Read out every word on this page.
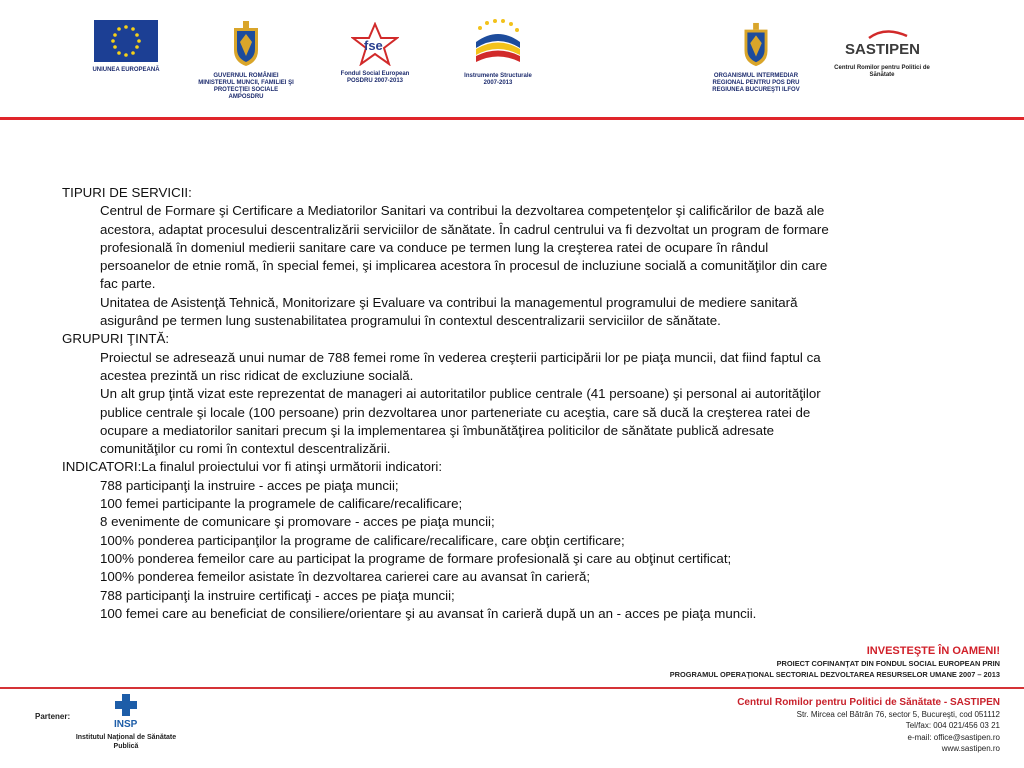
UNIUNEA EUROPEANĂ
GUVERNUL ROMÂNIEI MINISTERUL MUNCII, FAMILIEI ŞI PROTECŢIEI SOCIALE AMPOSDRU
fse
Fondul Social European POSDRU 2007-2013
Instrumente Structurale 2007-2013
ORGANISMUL INTERMEDIAR REGIONAL PENTRU POS DRU REGIUNEA BUCUREŞTI ILFOV
SASTIPEN
Centrul Romilor pentru Politici de Sănătate
TIPURI DE SERVICII:
Centrul de Formare şi Certificare a Mediatorilor Sanitari va contribui la dezvoltarea competenţelor şi calificărilor de bază ale
acestora, adaptat procesului descentralizării serviciilor de sănătate. În cadrul centrului va fi dezvoltat un program de formare
profesională în domeniul medierii sanitare care va conduce pe termen lung la creşterea ratei de ocupare în rândul
persoanelor de etnie romă, în special femei, şi implicarea acestora în procesul de incluziune socială a comunităţilor din care
fac parte.
Unitatea de Asistenţă Tehnică, Monitorizare şi Evaluare va contribui la managementul programului de mediere sanitară
asigurând pe termen lung sustenabilitatea programului în contextul descentralizarii serviciilor de sănătate.
GRUPURI ŢINTĂ:
Proiectul se adresează unui numar de 788 femei rome în vederea creşterii participării lor pe piaţa muncii, dat fiind faptul ca
acestea prezintă un risc ridicat de excluziune socială.
Un alt grup ţintă vizat este reprezentat de manageri ai autoritatilor publice centrale (41 persoane) şi personal ai autorităţilor
publice centrale şi locale (100 persoane) prin dezvoltarea unor parteneriate cu aceştia, care să ducă la creşterea ratei de
ocupare a mediatorilor sanitari precum şi la implementarea şi îmbunătăţirea politicilor de sănătate publică adresate
comunităţilor cu romi în contextul descentralizării.
INDICATORI:La finalul proiectului vor fi atinşi următorii indicatori:
788 participanţi la instruire - acces pe piaţa muncii;
100 femei participante la programele de calificare/recalificare;
8 evenimente de comunicare şi promovare - acces pe piaţa muncii;
100% ponderea participanţilor la programe de calificare/recalificare, care obţin certificare;
100% ponderea femeilor care au participat la programe de formare profesională şi care au obţinut certificat;
100% ponderea femeilor asistate în dezvoltarea carierei care au avansat în carieră;
788 participanţi la instruire certificaţi - acces pe piaţa muncii;
100 femei care au beneficiat de consiliere/orientare şi au avansat în carieră după un an - acces pe piaţa muncii.
INVESTEŞTE ÎN OAMENI!
PROIECT COFINANŢAT DIN FONDUL SOCIAL EUROPEAN PRIN
PROGRAMUL OPERAŢIONAL SECTORIAL DEZVOLTAREA RESURSELOR UMANE 2007 – 2013
Partener:
INSP
Institutul Naţional de Sănătate Publică
Centrul Romilor pentru Politici de Sănătate - SASTIPEN
Str. Mircea cel Bătrân 76, sector 5, Bucureşti, cod 051112
Tel/fax: 004 021/456 03 21
e-mail: office@sastipen.ro
www.sastipen.ro
